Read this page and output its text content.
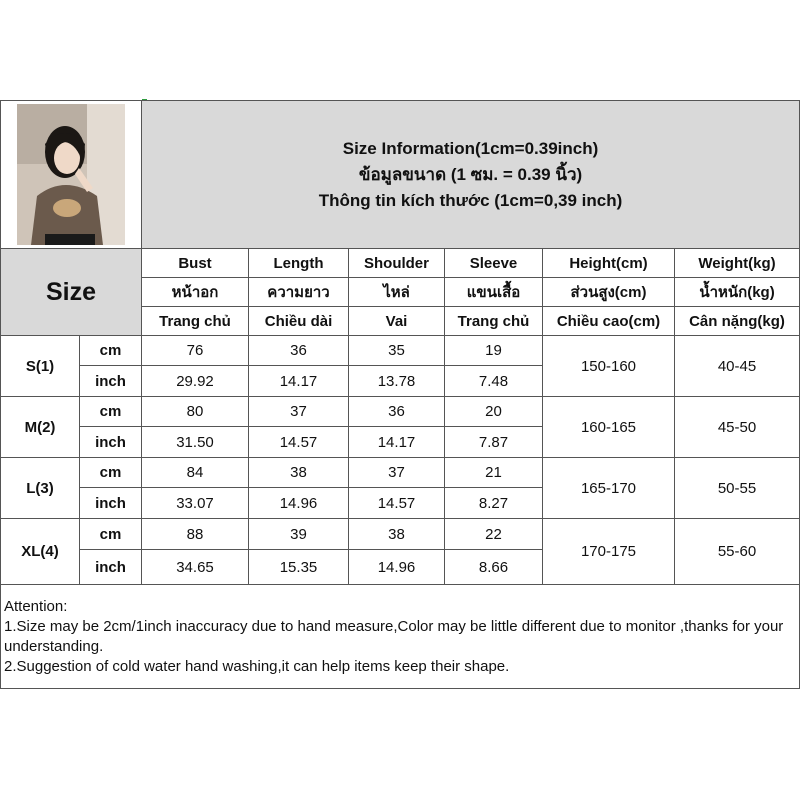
Size Information(1cm=0.39inch)
ข้อมูลขนาด (1 ซม. = 0.39 นิ้ว)
Thông tin kích thước (1cm=0,39 inch)					

Size		Bust	Length	Shoulder	Sleeve	Height(cm)	Weight(kg)
		หน้าอก	ความยาว	ไหล่	แขนเสื้อ	ส่วนสูง(cm)	น้ำหนัก(kg)
		Trang chủ	Chiều dài	Vai	Trang chủ	Chiều cao(cm)	Cân nặng(kg)
S(1)	cm	76	36	35	19	150-160	40-45
	inch	29.92	14.17	13.78	7.48		
M(2)	cm	80	37	36	20	160-165	45-50
	inch	31.50	14.57	14.17	7.87		
L(3)	cm	84	38	37	21	165-170	50-55
	inch	33.07	14.96	14.57	8.27		
XL(4)	cm	88	39	38	22	170-175	55-60
	inch	34.65	15.35	14.96	8.66		

Attention:
1.Size may be 2cm/1inch inaccuracy due to hand measure,Color may be little different due to monitor ,thanks for your understanding.
2.Suggestion of cold water hand washing,it can help items keep their shape.
